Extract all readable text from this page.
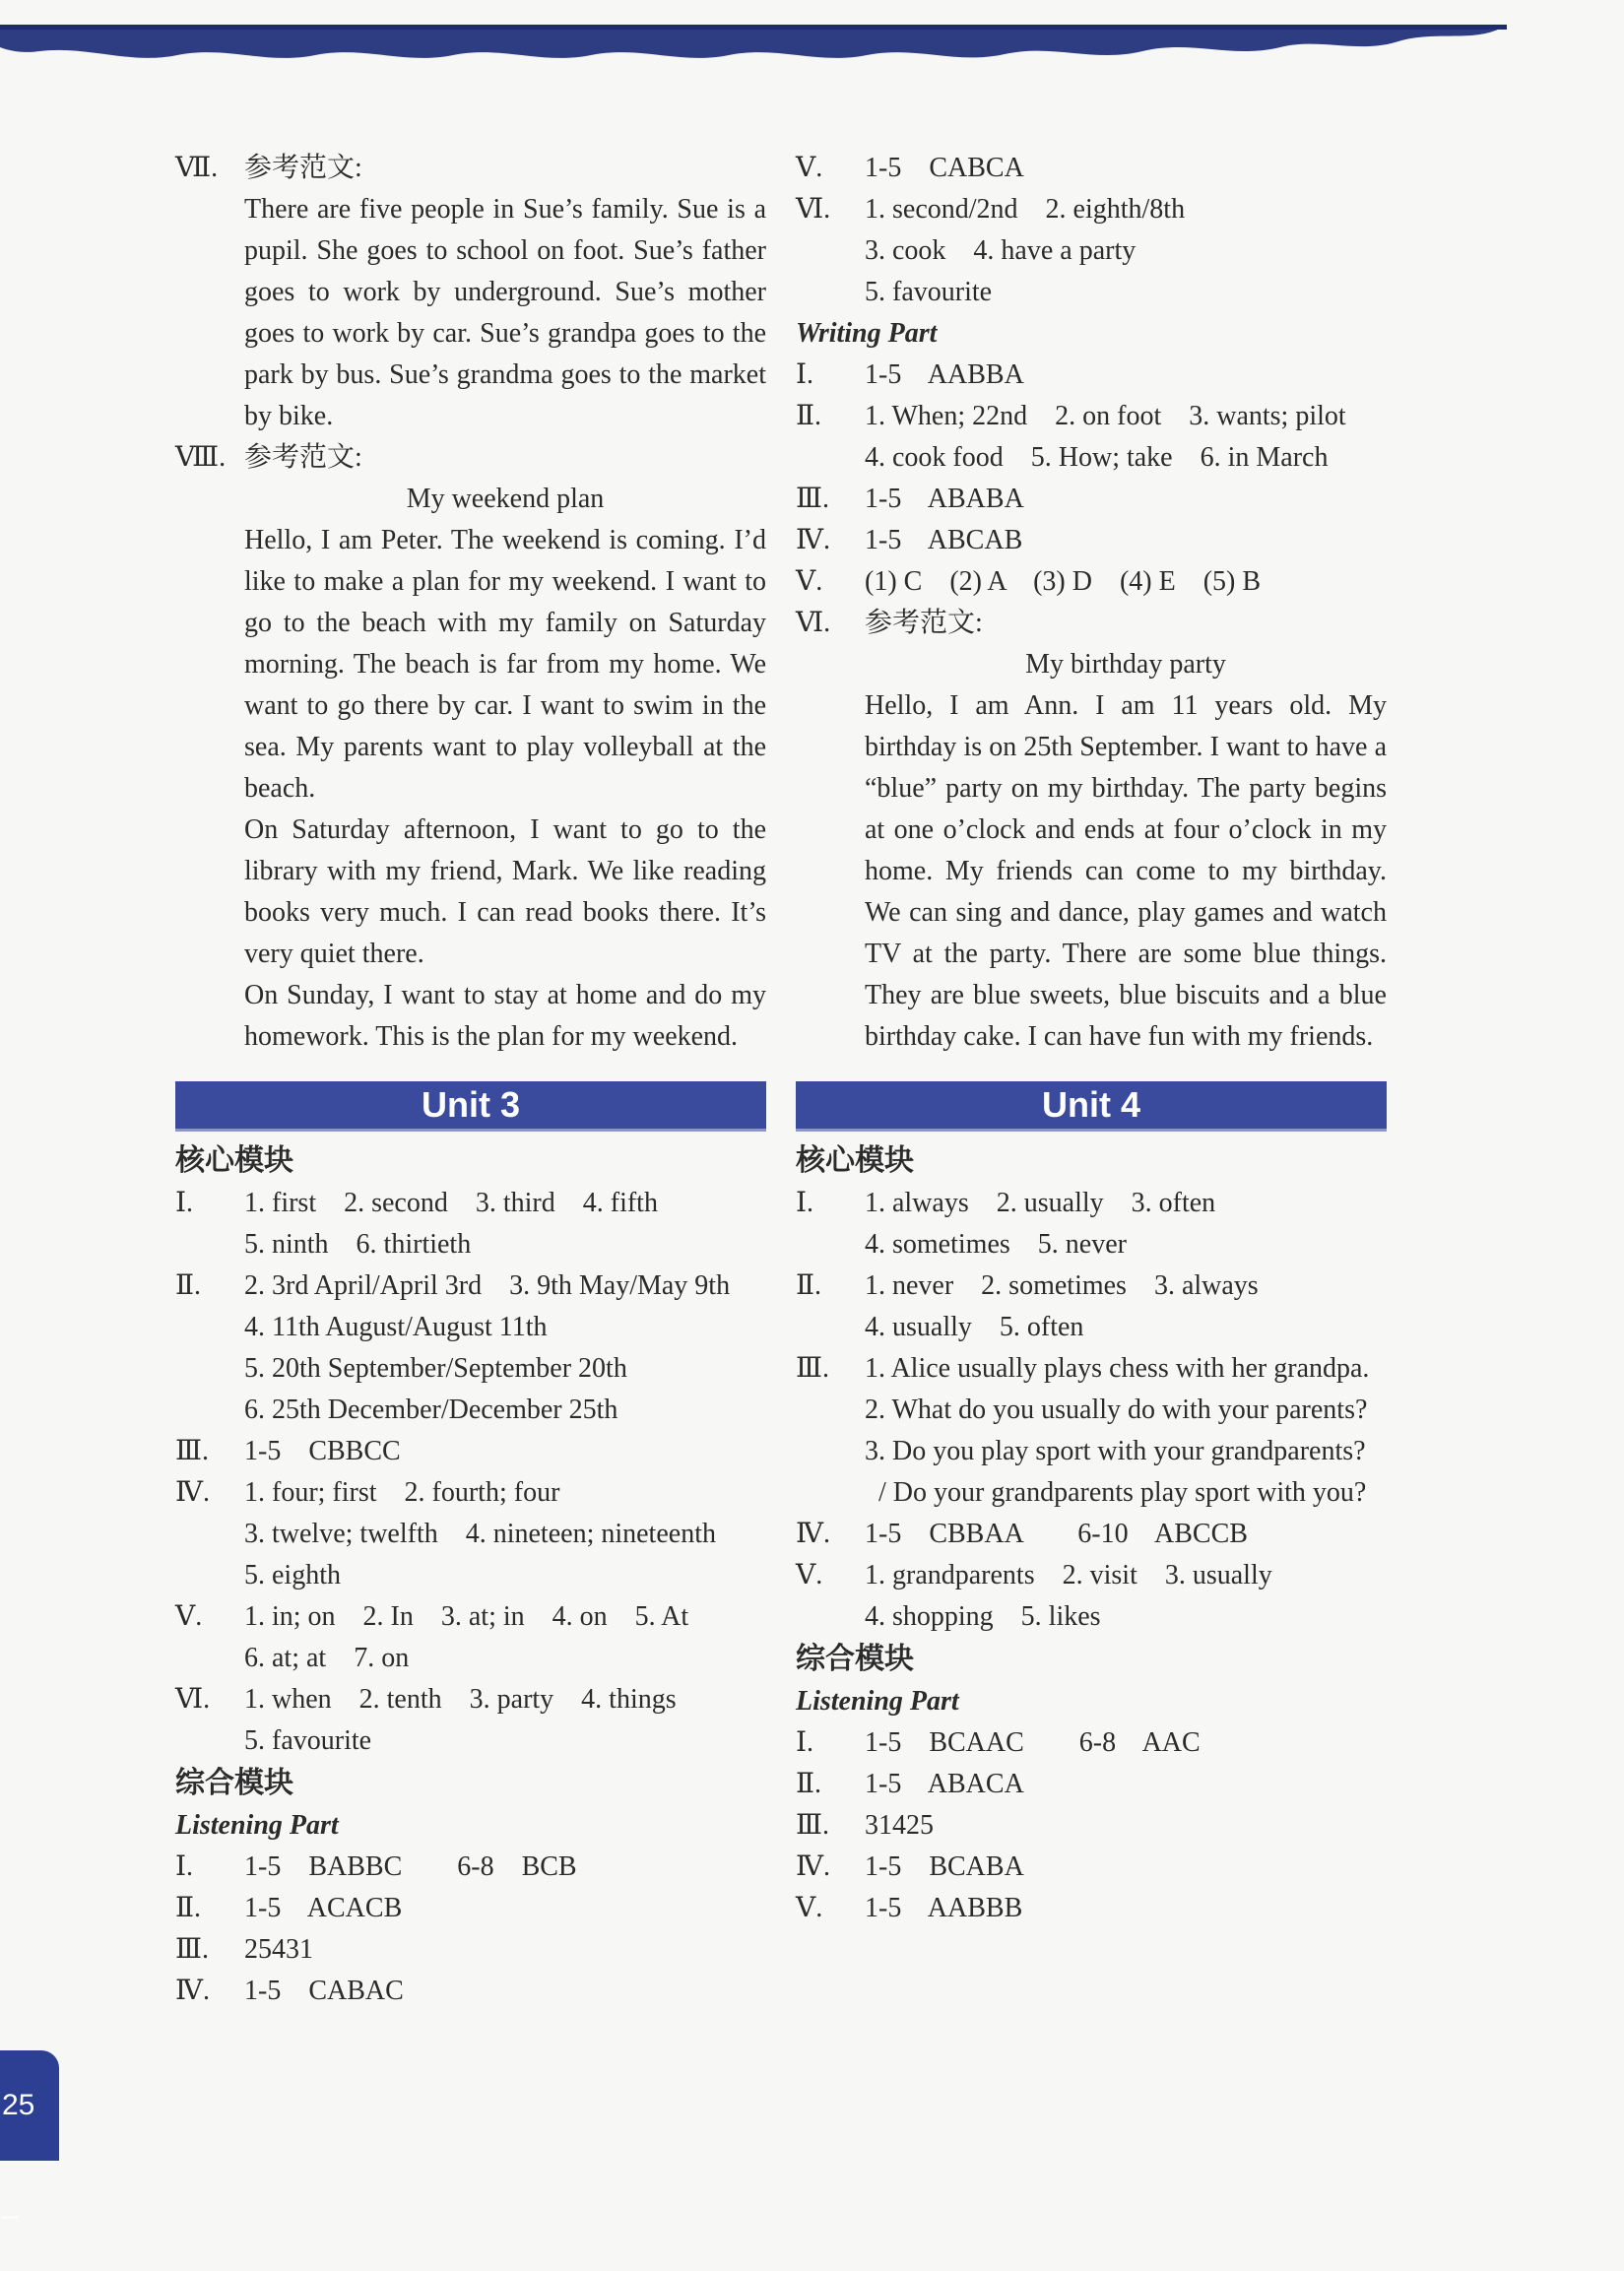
Ⅶ. 参考范文:

There are five people in Sue’s family. Sue is a pupil. She goes to school on foot. Sue’s father goes to work by underground. Sue’s mother goes to work by car. Sue’s grandpa goes to the park by bus. Sue’s grandma goes to the market by bike.

Ⅷ. 参考范文:
My weekend plan

Hello, I am Peter. The weekend is coming. I’d like to make a plan for my weekend. I want to go to the beach with my family on Saturday morning. The beach is far from my home. We want to go there by car. I want to swim in the sea. My parents want to play volleyball at the beach.

On Saturday afternoon, I want to go to the library with my friend, Mark. We like reading books very much. I can read books there. It’s very quiet there.

On Sunday, I want to stay at home and do my homework. This is the plan for my weekend.

Unit 3
核心模块
Ⅰ.	1. first    2. second    3. third    4. fifth
5. ninth    6. thirtieth
Ⅱ.	2. 3rd April/April 3rd    3. 9th May/May 9th
4. 11th August/August 11th
5. 20th September/September 20th
6. 25th December/December 25th
Ⅲ.	1-5    CBBCC
Ⅳ.	1. four; first    2. fourth; four
3. twelve; twelfth    4. nineteen; nineteenth
5. eighth
Ⅴ.	1. in; on    2. In    3. at; in    4. on    5. At
6. at; at    7. on
Ⅵ.	1. when    2. tenth    3. party    4. things
5. favourite
综合模块
Listening Part
Ⅰ.	1-5    BABBC        6-8    BCB
Ⅱ.	1-5    ACACB
Ⅲ.	25431
Ⅳ.	1-5    CABAC
Ⅴ.	1-5    CABCA
Ⅵ.	1. second/2nd    2. eighth/8th
3. cook    4. have a party
5. favourite
Writing Part
Ⅰ.	1-5    AABBA
Ⅱ.	1. When; 22nd    2. on foot    3. wants; pilot
4. cook food    5. How; take    6. in March
Ⅲ.	1-5    ABABA
Ⅳ.	1-5    ABCAB
Ⅴ.	(1) C    (2) A    (3) D    (4) E    (5) B
Ⅵ.	参考范文:
My birthday party

Hello, I am Ann. I am 11 years old. My birthday is on 25th September. I want to have a “blue” party on my birthday. The party begins at one o’clock and ends at four o’clock in my home. My friends can come to my birthday. We can sing and dance, play games and watch TV at the party. There are some blue things. They are blue sweets, blue biscuits and a blue birthday cake. I can have fun with my friends.

Unit 4
核心模块
Ⅰ.	1. always    2. usually    3. often
4. sometimes    5. never
Ⅱ.	1. never    2. sometimes    3. always
4. usually    5. often
Ⅲ.	1. Alice usually plays chess with her grandpa.
2. What do you usually do with your parents?
3. Do you play sport with your grandparents?
/ Do your grandparents play sport with you?
Ⅳ.	1-5    CBBAA        6-10    ABCCB
Ⅴ.	1. grandparents    2. visit    3. usually
4. shopping    5. likes
综合模块
Listening Part
Ⅰ.	1-5    BCAAC        6-8    AAC
Ⅱ.	1-5    ABACA
Ⅲ.	31425
Ⅳ.	1-5    BCABA
Ⅴ.	1-5    AABBB
25 –
